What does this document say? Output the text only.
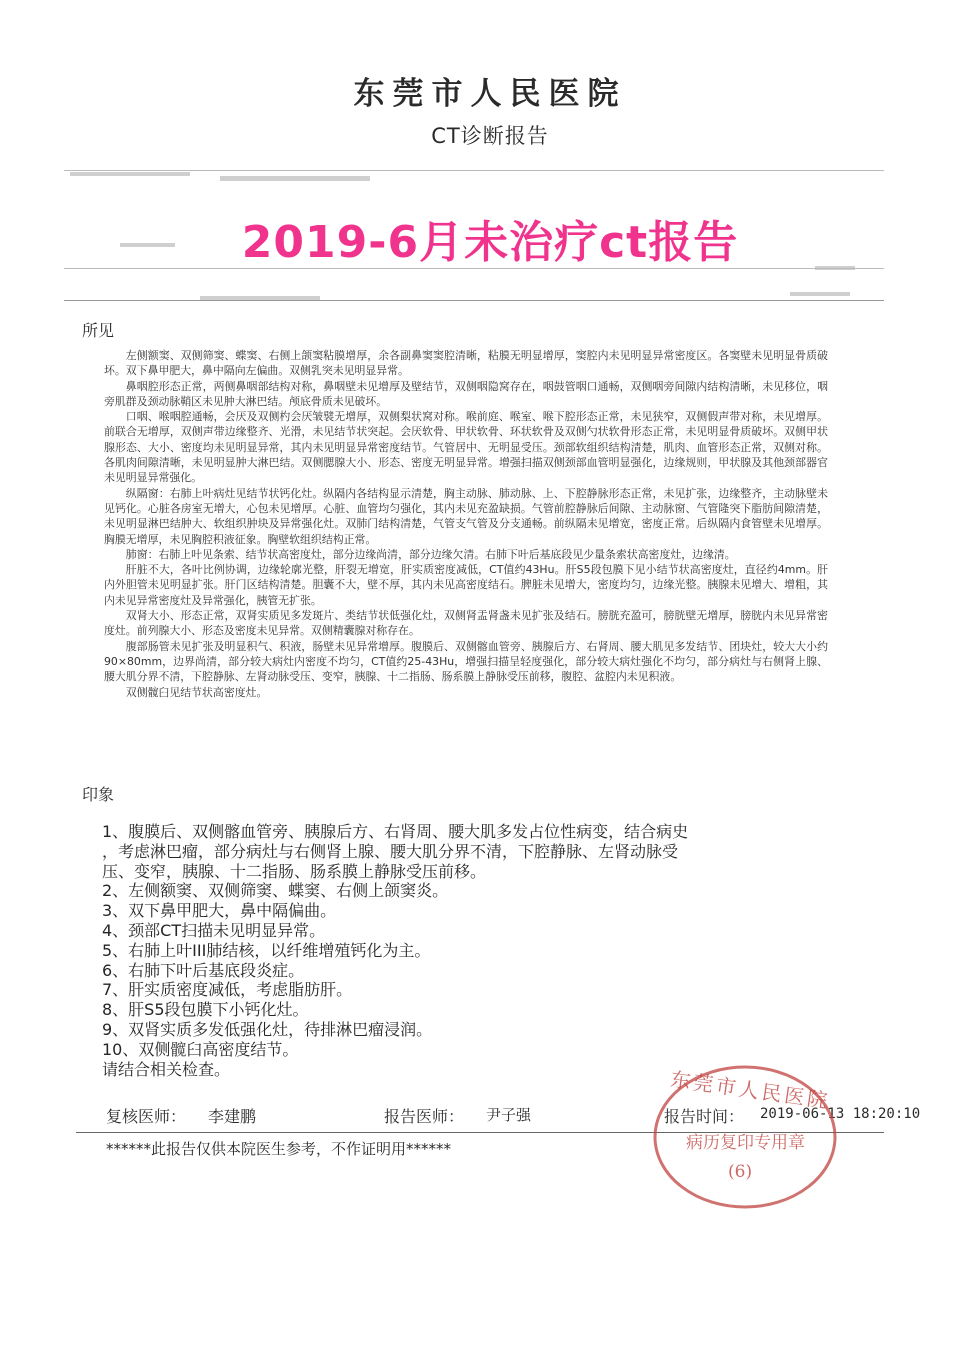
东莞市人民医院
CT诊断报告
2019-6月未治疗ct报告
所见

左侧额窦、双侧筛窦、蝶窦、右侧上颌窦粘膜增厚，余各副鼻窦窦腔清晰，粘膜无明显增厚，窦腔内未见明显异常密度区。各窦壁未见明显骨质破坏。双下鼻甲肥大，鼻中隔向左偏曲。双侧乳突未见明显异常。

鼻咽腔形态正常，两侧鼻咽部结构对称，鼻咽壁未见增厚及壁结节，双侧咽隐窝存在，咽鼓管咽口通畅，双侧咽旁间隙内结构清晰，未见移位，咽旁肌群及颈动脉鞘区未见肿大淋巴结。颅底骨质未见破坏。

口咽、喉咽腔通畅，会厌及双侧杓会厌皱襞无增厚，双侧梨状窝对称。喉前庭、喉室、喉下腔形态正常，未见狭窄，双侧假声带对称，未见增厚。前联合无增厚，双侧声带边缘整齐、光滑，未见结节状突起。会厌软骨、甲状软骨、环状软骨及双侧勺状软骨形态正常，未见明显骨质破坏。双侧甲状腺形态、大小、密度均未见明显异常，其内未见明显异常密度结节。气管居中、无明显受压。颈部软组织结构清楚，肌肉、血管形态正常，双侧对称。各肌肉间隙清晰，未见明显肿大淋巴结。双侧腮腺大小、形态、密度无明显异常。增强扫描双侧颈部血管明显强化，边缘规则，甲状腺及其他颈部器官未见明显异常强化。

纵隔窗：右肺上叶病灶见结节状钙化灶。纵隔内各结构显示清楚，胸主动脉、肺动脉、上、下腔静脉形态正常，未见扩张，边缘整齐，主动脉壁未见钙化。心脏各房室无增大，心包未见增厚。心脏、血管均匀强化，其内未见充盈缺损。气管前腔静脉后间隙、主动脉窗、气管隆突下脂肪间隙清楚，未见明显淋巴结肿大、软组织肿块及异常强化灶。双肺门结构清楚，气管支气管及分支通畅。前纵隔未见增宽，密度正常。后纵隔内食管壁未见增厚。胸膜无增厚，未见胸腔积液征象。胸壁软组织结构正常。

肺窗：右肺上叶见条索、结节状高密度灶，部分边缘尚清，部分边缘欠清。右肺下叶后基底段见少量条索状高密度灶，边缘清。

肝脏不大，各叶比例协调，边缘轮廓光整，肝裂无增宽，肝实质密度减低，CT值约43Hu。肝S5段包膜下见小结节状高密度灶，直径约4mm。肝内外胆管未见明显扩张。肝门区结构清楚。胆囊不大，壁不厚，其内未见高密度结石。脾脏未见增大，密度均匀，边缘光整。胰腺未见增大、增粗，其内未见异常密度灶及异常强化，胰管无扩张。

双肾大小、形态正常，双肾实质见多发斑片、类结节状低强化灶，双侧肾盂肾盏未见扩张及结石。膀胱充盈可，膀胱壁无增厚，膀胱内未见异常密度灶。前列腺大小、形态及密度未见异常。双侧精囊腺对称存在。

腹部肠管未见扩张及明显积气、积液，肠壁未见异常增厚。腹膜后、双侧髂血管旁、胰腺后方、右肾周、腰大肌见多发结节、团块灶，较大大小约90×80mm，边界尚清，部分较大病灶内密度不均匀，CT值约25-43Hu，增强扫描呈轻度强化，部分较大病灶强化不均匀，部分病灶与右侧肾上腺、腰大肌分界不清，下腔静脉、左肾动脉受压、变窄，胰腺、十二指肠、肠系膜上静脉受压前移，腹腔、盆腔内未见积液。

双侧髋臼见结节状高密度灶。

印象

1、腹膜后、双侧髂血管旁、胰腺后方、右肾周、腰大肌多发占位性病变，结合病史

，考虑淋巴瘤，部分病灶与右侧肾上腺、腰大肌分界不清，下腔静脉、左肾动脉受

压、变窄，胰腺、十二指肠、肠系膜上静脉受压前移。

2、左侧额窦、双侧筛窦、蝶窦、右侧上颌窦炎。

3、双下鼻甲肥大，鼻中隔偏曲。

4、颈部CT扫描未见明显异常。

5、右肺上叶III肺结核，以纤维增殖钙化为主。

6、右肺下叶后基底段炎症。

7、肝实质密度减低，考虑脂肪肝。

8、肝S5段包膜下小钙化灶。

9、双肾实质多发低强化灶，待排淋巴瘤浸润。

10、双侧髋臼高密度结节。

请结合相关检查。

复核医师： 李建鹏	报告医师： 尹子强	报告时间： 2019-06-13 18:20:10
******此报告仅供本院医生参考，不作证明用******
东莞市人民医院
病历复印专用章
(6)
